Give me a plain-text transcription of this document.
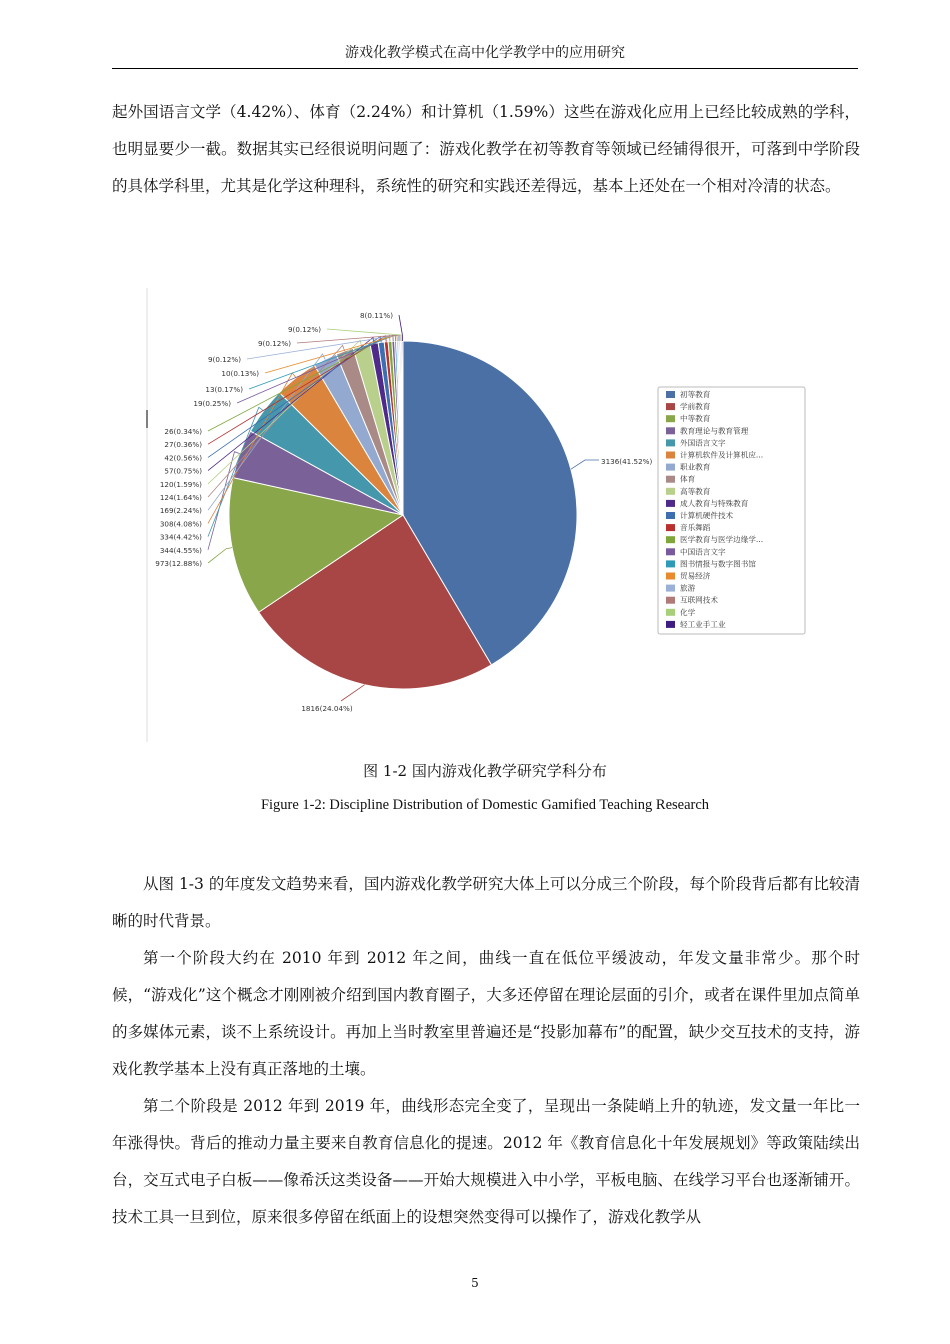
游戏化教学模式在高中化学教学中的应用研究

起外国语言文学（4.42%）、体育（2.24%）和计算机（1.59%）这些在游戏化应用上已经比较成熟的学科，也明显要少一截。数据其实已经很说明问题了：游戏化教学在初等教育等领域已经铺得很开，可落到中学阶段的具体学科里，尤其是化学这种理科，系统性的研究和实践还差得远，基本上还处在一个相对冷清的状态。

3136(41.52%)
1816(24.04%)
973(12.88%)
344(4.55%)
334(4.42%)
308(4.08%)
169(2.24%)
124(1.64%)
120(1.59%)
57(0.75%)
42(0.56%)
27(0.36%)
26(0.34%)
19(0.25%)
13(0.17%)
10(0.13%)
9(0.12%)
9(0.12%)
9(0.12%)
8(0.11%)
初等教育
学前教育
中等教育
教育理论与教育管理
外国语言文字
计算机软件及计算机应...
职业教育
体育
高等教育
成人教育与特殊教育
计算机硬件技术
音乐舞蹈
医学教育与医学边缘学...
中国语言文字
图书情报与数字图书馆
贸易经济
旅游
互联网技术
化学
轻工业手工业
图 1-2 国内游戏化教学研究学科分布
Figure 1-2: Discipline Distribution of Domestic Gamified Teaching Research

从图 1-3 的年度发文趋势来看，国内游戏化教学研究大体上可以分成三个阶段，每个阶段背后都有比较清晰的时代背景。

第一个阶段大约在 2010 年到 2012 年之间，曲线一直在低位平缓波动，年发文量非常少。那个时候，“游戏化”这个概念才刚刚被介绍到国内教育圈子，大多还停留在理论层面的引介，或者在课件里加点简单的多媒体元素，谈不上系统设计。再加上当时教室里普遍还是“投影加幕布”的配置，缺少交互技术的支持，游戏化教学基本上没有真正落地的土壤。

第二个阶段是 2012 年到 2019 年，曲线形态完全变了，呈现出一条陡峭上升的轨迹，发文量一年比一年涨得快。背后的推动力量主要来自教育信息化的提速。2012 年《教育信息化十年发展规划》等政策陆续出台，交互式电子白板——像希沃这类设备——开始大规模进入中小学，平板电脑、在线学习平台也逐渐铺开。技术工具一旦到位，原来很多停留在纸面上的设想突然变得可以操作了，游戏化教学从

5
